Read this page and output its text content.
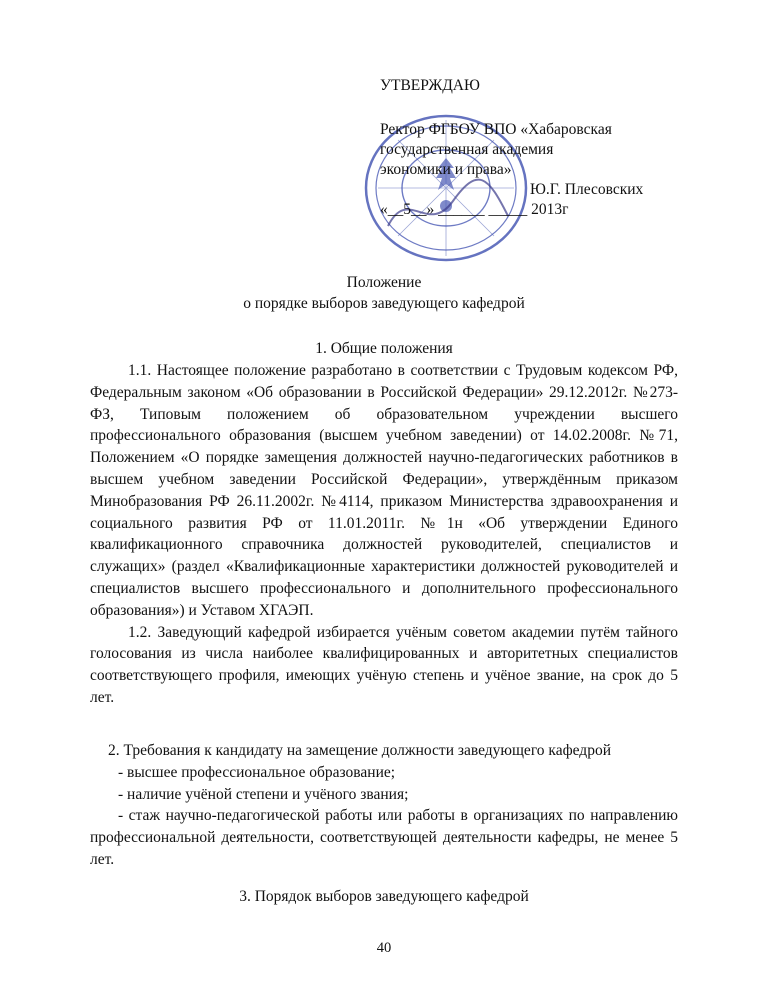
УТВЕРЖДАЮ
Ректор ФГБОУ ВПО «Хабаровская
государственная академия
экономики и права»
Ю.Г. Плесовских
«__5__» ______ _____ 2013г
Положение
о порядке выборов заведующего кафедрой
1. Общие положения

1.1. Настоящее положение разработано в соответствии с Трудовым кодексом РФ, Федеральным законом «Об образовании в Российской Федерации» 29.12.2012г. №273-ФЗ, Типовым положением об образовательном учреждении высшего профессионального образования (высшем учебном заведении) от 14.02.2008г. №71, Положением «О порядке замещения должностей научно-педагогических работников в высшем учебном заведении Российской Федерации», утверждённым приказом Минобразования РФ 26.11.2002г. №4114, приказом Министерства здравоохранения и социального развития РФ от 11.01.2011г. №1н «Об утверждении Единого квалификационного справочника должностей руководителей, специалистов и служащих» (раздел «Квалификационные характеристики должностей руководителей и специалистов высшего профессионального и дополнительного профессионального образования») и Уставом ХГАЭП.

1.2. Заведующий кафедрой избирается учёным советом академии путём тайного голосования из числа наиболее квалифицированных и авторитетных специалистов соответствующего профиля, имеющих учёную степень и учёное звание, на срок до 5 лет.

2. Требования к кандидату на замещение должности заведующего кафедрой

- высшее профессиональное образование;

- наличие учёной степени и учёного звания;

- стаж научно-педагогической работы или работы в организациях по направлению профессиональной деятельности, соответствующей деятельности кафедры, не менее 5 лет.

3. Порядок выборов заведующего кафедрой
40
